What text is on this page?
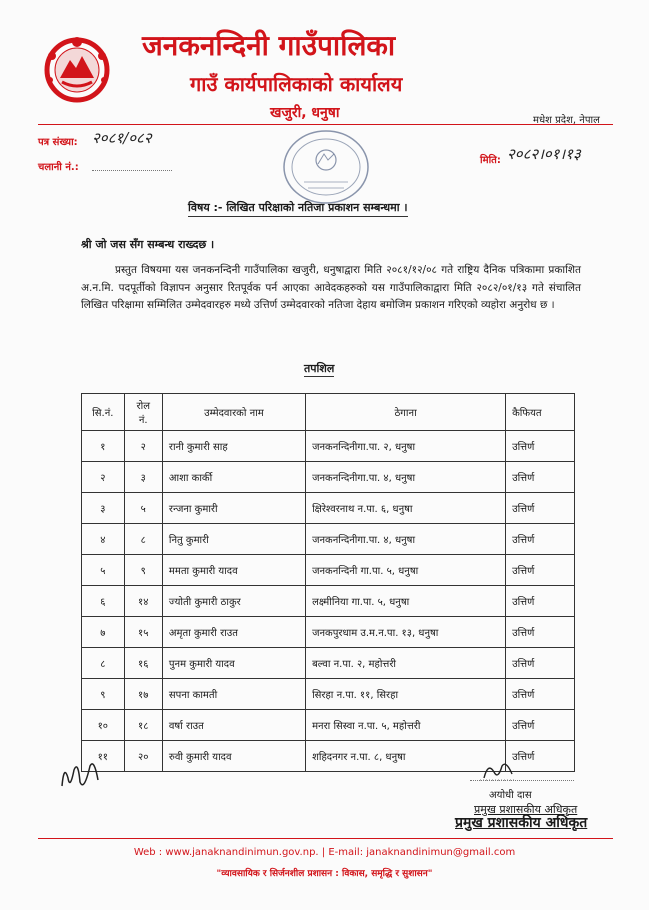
जनकनन्दिनी गाउँपालिका
गाउँ कार्यपालिकाको कार्यालय
खजुरी, धनुषा	मधेश प्रदेश, नेपाल
पत्र संख्या: २०८१/०८२
चलानी नं.:
मिति: २०८२।०१।१३
विषय :- लिखित परिक्षाको नतिजा प्रकाशन सम्बन्धमा ।
श्री जो जस सँग सम्बन्ध राख्दछ ।
प्रस्तुत विषयमा यस जनकनन्दिनी गाउँपालिका खजुरी, धनुषाद्वारा मिति २०८१/१२/०८ गते राष्ट्रिय दैनिक पत्रिकामा प्रकाशित अ.न.मि. पदपूर्तीको विज्ञापन अनुसार रितपूर्वक पर्न आएका आवेदकहरुको यस गाउँपालिकाद्वारा मिति २०८२/०१/१३ गते संचालित लिखित परिक्षामा सम्मिलित उम्मेदवारहरु मध्ये उत्तिर्ण उम्मेदवारको नतिजा देहाय बमोजिम प्रकाशन गरिएको व्यहोरा अनुरोध छ ।
तपशिल
सि.नं.	रोल नं.	उम्मेदवारको नाम	ठेगाना	कैफियत
१	२	रानी कुमारी साह	जनकनन्दिनीगा.पा. २, धनुषा	उत्तिर्ण
२	३	आशा कार्की	जनकनन्दिनीगा.पा. ४, धनुषा	उत्तिर्ण
३	५	रन्जना कुमारी	क्षिरेश्वरनाथ न.पा. ६, धनुषा	उत्तिर्ण
४	८	नितु कुमारी	जनकनन्दिनीगा.पा. ४, धनुषा	उत्तिर्ण
५	९	ममता कुमारी यादव	जनकनन्दिनी गा.पा. ५, धनुषा	उत्तिर्ण
६	१४	ज्योती कुमारी ठाकुर	लक्ष्मीनिया गा.पा. ५, धनुषा	उत्तिर्ण
७	१५	अमृता कुमारी राउत	जनकपुरधाम उ.म.न.पा. १३, धनुषा	उत्तिर्ण
८	१६	पुनम कुमारी यादव	बल्वा न.पा. २, महोत्तरी	उत्तिर्ण
९	१७	सपना कामती	सिरहा न.पा. ११, सिरहा	उत्तिर्ण
१०	१८	वर्षा राउत	मनरा सिस्वा न.पा. ५, महोत्तरी	उत्तिर्ण
११	२०	रुवी कुमारी यादव	शहिदनगर न.पा. ८, धनुषा	उत्तिर्ण
अयोधी दास
प्रमुख प्रशासकीय अधिकृत
प्रमुख प्रशासकीय अधिकृत
Web : www.janaknandinimun.gov.np. | E-mail: janaknandinimun@gmail.com
"व्यावसायिक र सिर्जनशील प्रशासन : विकास, समृद्धि र सुशासन"
